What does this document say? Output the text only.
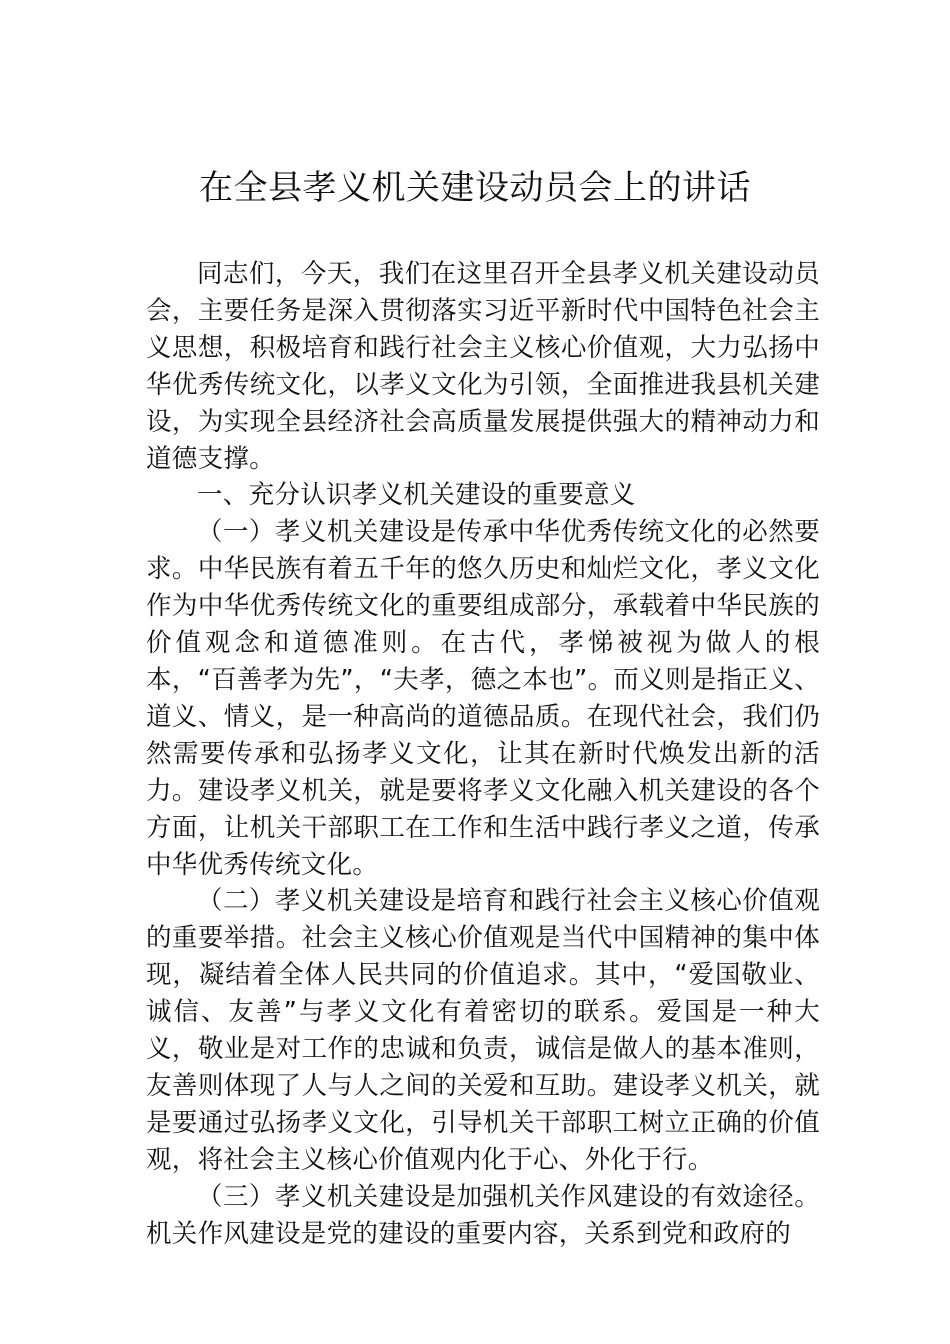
在全县孝义机关建设动员会上的讲话

同志们，今天，我们在这里召开全县孝义机关建设动员会，主要任务是深入贯彻落实习近平新时代中国特色社会主义思想，积极培育和践行社会主义核心价值观，大力弘扬中华优秀传统文化，以孝义文化为引领，全面推进我县机关建设，为实现全县经济社会高质量发展提供强大的精神动力和道德支撑。

一、充分认识孝义机关建设的重要意义

（一）孝义机关建设是传承中华优秀传统文化的必然要求。中华民族有着五千年的悠久历史和灿烂文化，孝义文化作为中华优秀传统文化的重要组成部分，承载着中华民族的价值观念和道德准则。在古代，孝悌被视为做人的根本，“百善孝为先”，“夫孝，德之本也”。而义则是指正义、道义、情义，是一种高尚的道德品质。在现代社会，我们仍然需要传承和弘扬孝义文化，让其在新时代焕发出新的活力。建设孝义机关，就是要将孝义文化融入机关建设的各个方面，让机关干部职工在工作和生活中践行孝义之道，传承中华优秀传统文化。

（二）孝义机关建设是培育和践行社会主义核心价值观的重要举措。社会主义核心价值观是当代中国精神的集中体现，凝结着全体人民共同的价值追求。其中，“爱国敬业、诚信、友善”与孝义文化有着密切的联系。爱国是一种大义，敬业是对工作的忠诚和负责，诚信是做人的基本准则，友善则体现了人与人之间的关爱和互助。建设孝义机关，就是要通过弘扬孝义文化，引导机关干部职工树立正确的价值观，将社会主义核心价值观内化于心、外化于行。

（三）孝义机关建设是加强机关作风建设的有效途径。机关作风建设是党的建设的重要内容，关系到党和政府的
